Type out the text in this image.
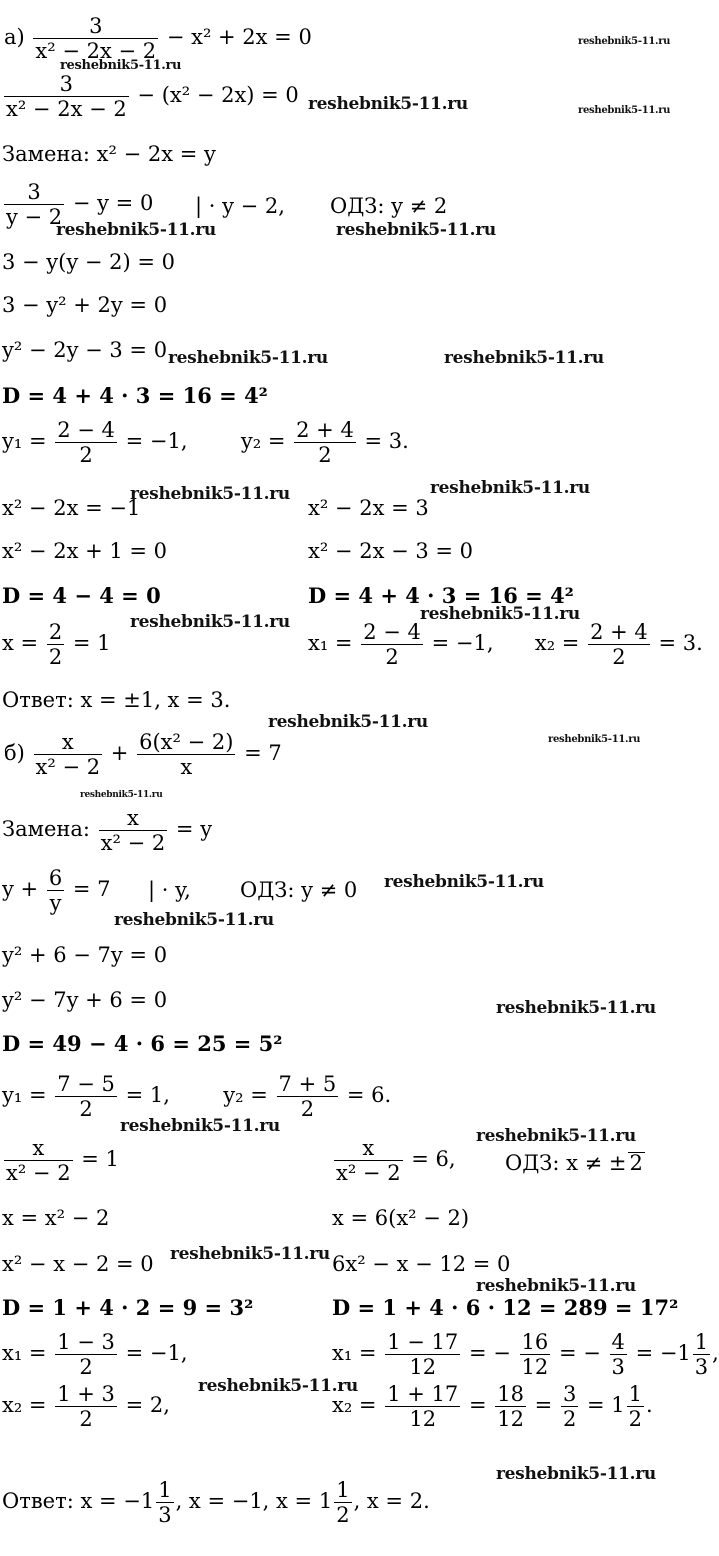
$а) \frac{3}{\text{x² − 2x − 2}} - x^2 + 2x = 0$
$\frac{3}{\text{x² − 2x − 2}} - (x^2 - 2x) = 0$
Замена: x² − 2x = y
$\frac{3}{y - 2} - y = 0$ | · y − 2, ОДЗ: y ≠ 2
3 − y(y − 2) = 0
3 − y² + 2y = 0
y² − 2y − 3 = 0
D = 4 + 4 · 3 = 16 = 4²
$y_1 = \frac{2 - 4}{2} = -1$,	$y_2 = \frac{2 + 4}{2} = 3$.
x² − 2x = −1
x² − 2x + 1 = 0
D = 4 − 4 = 0
$x = \frac{2}{2} = 1$
x² − 2x = 3
x² − 2x − 3 = 0
D = 4 + 4 · 3 = 16 = 4²
$x_1 = \frac{2 - 4}{2} = -1$, $x_2 = \frac{2 + 4}{2} = 3$.
Ответ: x = ±1, x = 3.
$б) \frac{x}{\text{x² − 2}} + \frac{\text{6(x² − 2)}}{x} = 7$
Замена: $\frac{x}{\text{x² − 2}} = y$
$y + \frac{6}{y} = 7$ | · y, ОДЗ: y ≠ 0
y² + 6 − 7y = 0
y² − 7y + 6 = 0
D = 49 − 4 · 6 = 25 = 5²
$y_1 = \frac{7 - 5}{2} = 1$,	$y_2 = \frac{7 + 5}{2} = 6$.
$\frac{x}{\text{x² − 2}} = 1$
x = x² − 2
x² − x − 2 = 0
D = 1 + 4 · 2 = 9 = 3²
$x_1 = \frac{1 - 3}{2} = -1$,
$x_2 = \frac{1 + 3}{2} = 2$,
$\frac{x}{\text{x² − 2}} = 6$, ОДЗ: x ≠ ± 2
x = 6(x² − 2)
6x² − x − 12 = 0
D = 1 + 4 · 6 · 12 = 289 = 17²
$x_1 = \frac{1 - 17}{12}$ = − $\frac{16}{12}$ = − $\frac{4}{3} = -1 \frac{1}{3}$ ,
$x_2 = \frac{1 + 17}{12} = \frac{18}{12} = \frac{3}{2} = 1 \frac{1}{2}$ .
Ответ: $x = -1 \frac{1}{3}$ , x = −1, $x = 1 \frac{1}{2}$ , x = 2.
reshebnik5-11.ru
reshebnik5-11.ru
reshebnik5-11.ru
reshebnik5-11.ru
reshebnik5-11.ru	reshebnik5-11.ru
reshebnik5-11.ru	reshebnik5-11.ru
reshebnik5-11.ru	reshebnik5-11.ru
reshebnik5-11.ru
reshebnik5-11.ru
reshebnik5-11.ru
reshebnik5-11.ru
reshebnik5-11.ru
reshebnik5-11.ru
reshebnik5-11.ru
reshebnik5-11.ru
reshebnik5-11.ru	reshebnik5-11.ru
reshebnik5-11.ru
reshebnik5-11.ru
reshebnik5-11.ru
reshebnik5-11.ru
